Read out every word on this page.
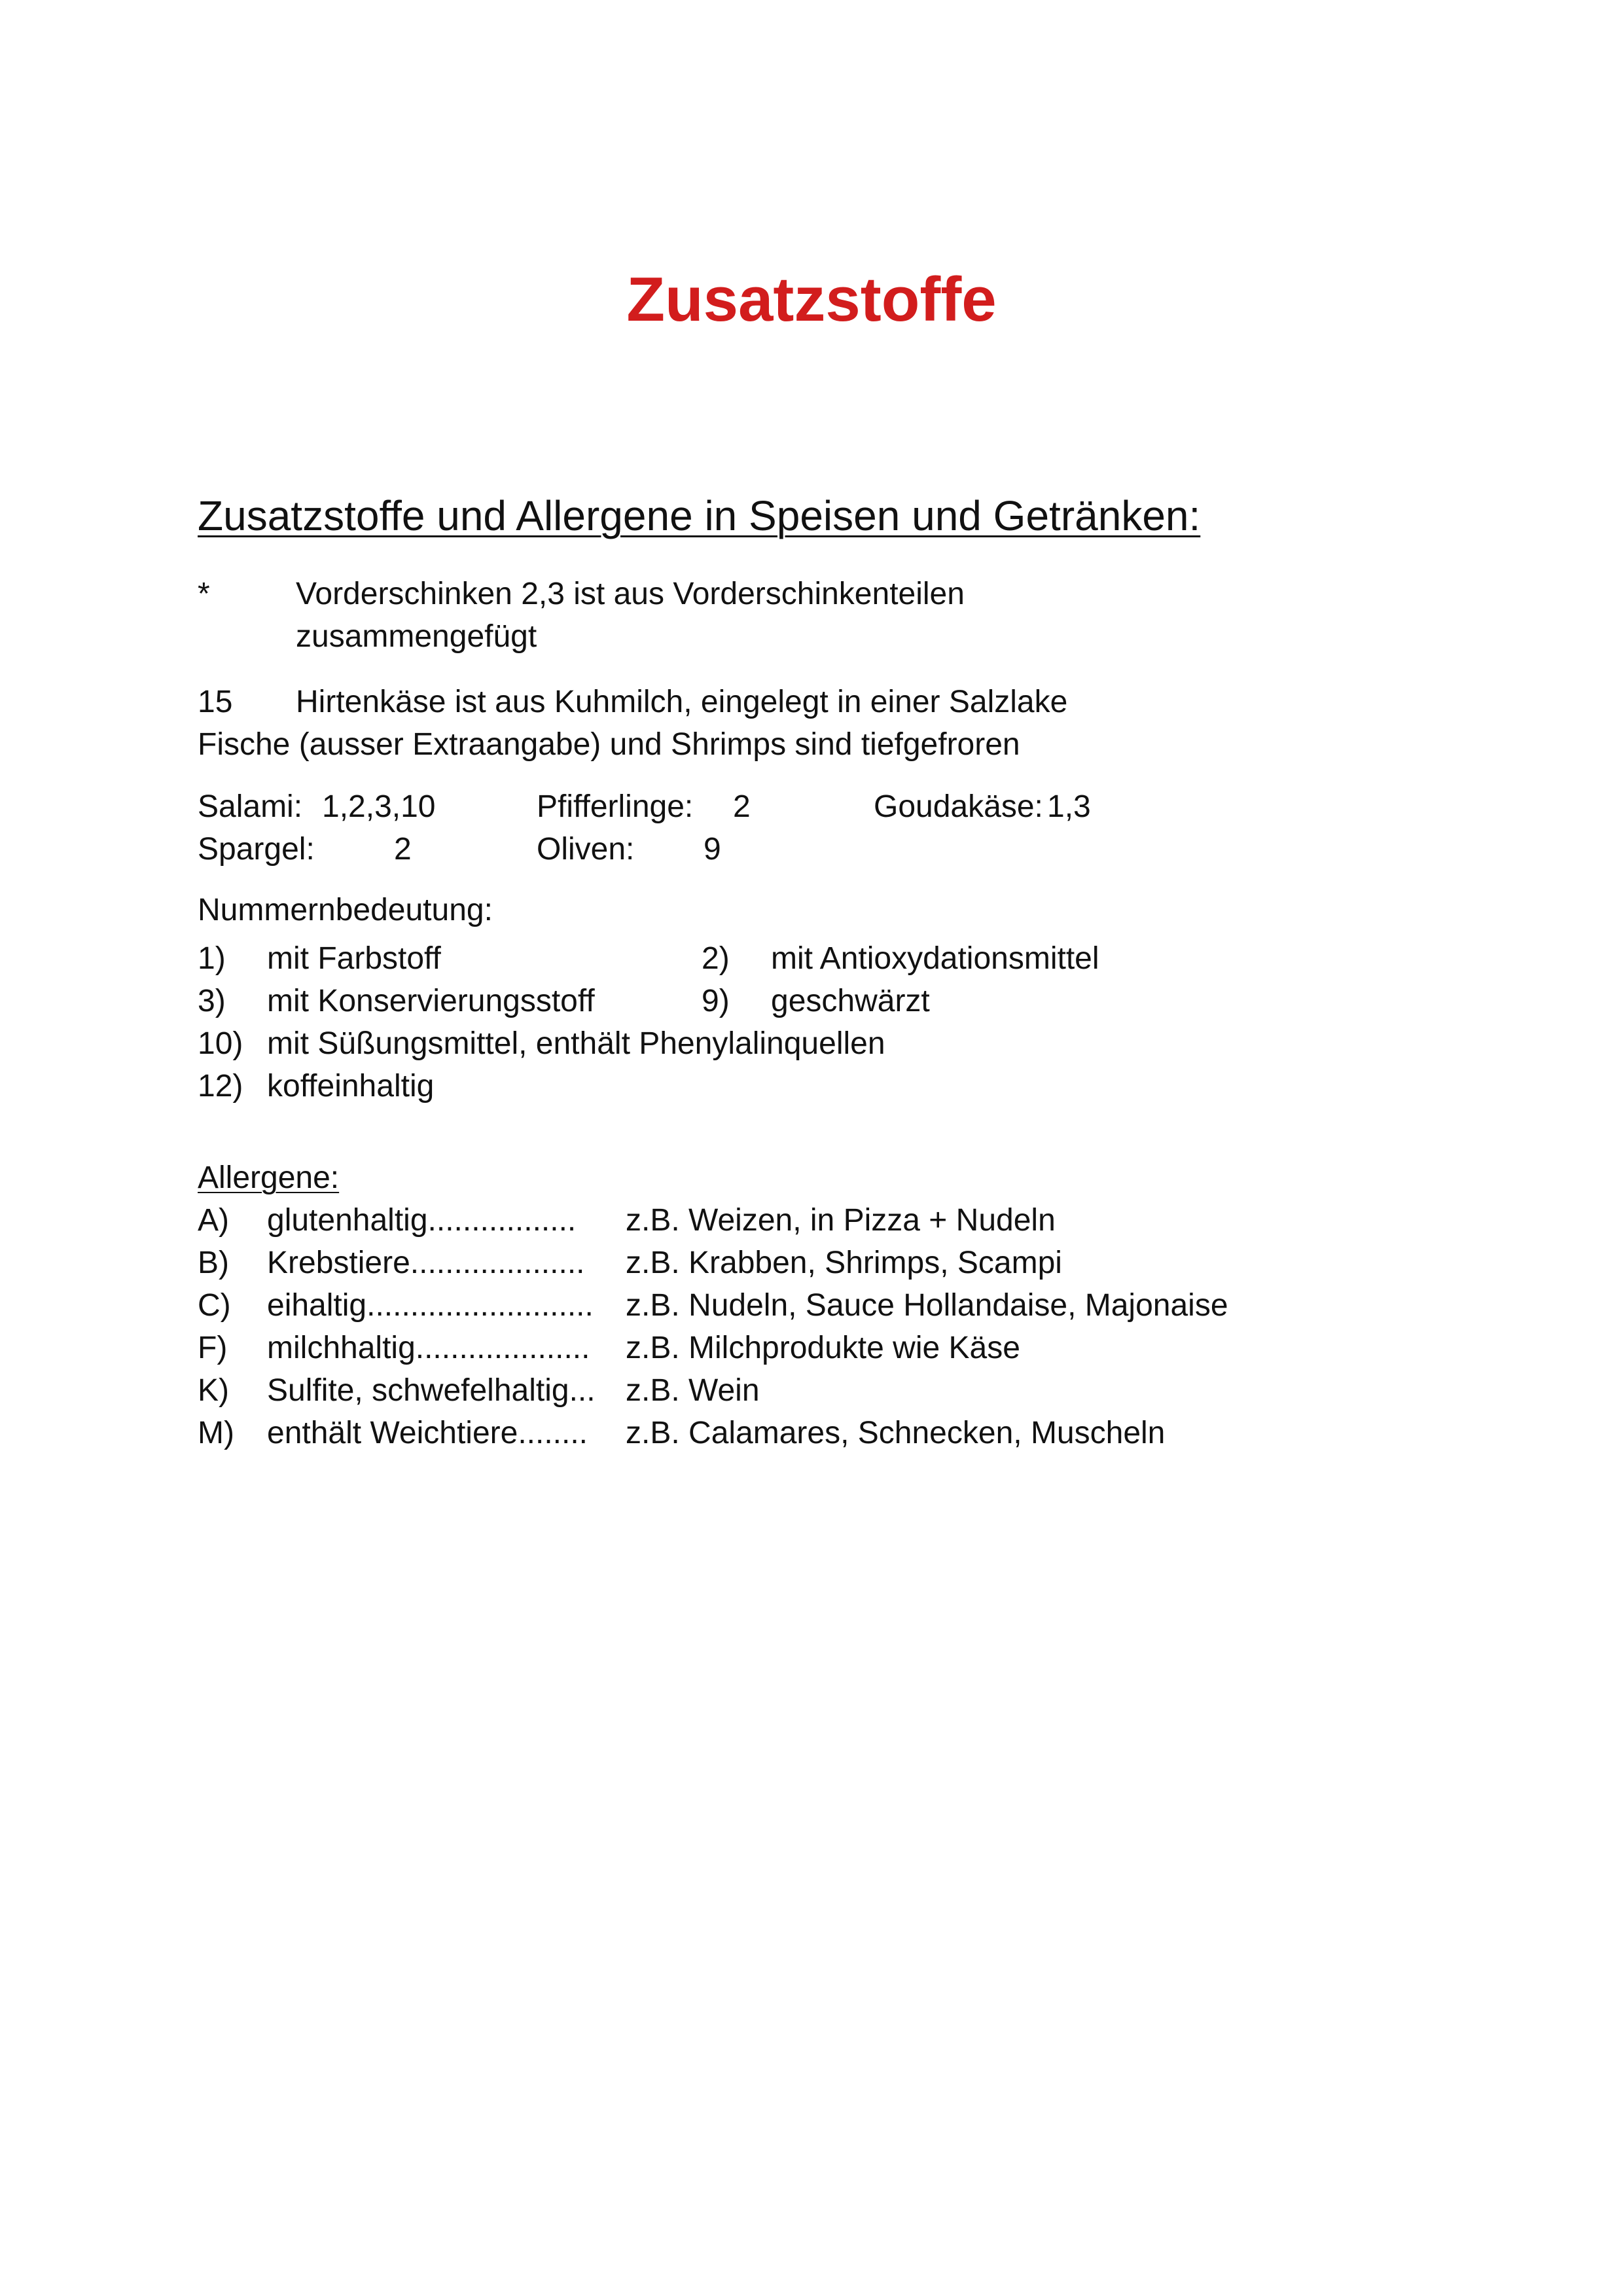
Zusatzstoffe
Zusatzstoffe und Allergene in Speisen und Getränken:
*	Vorderschinken 2,3 ist aus Vorderschinkenteilen
zusammengefügt
15 Hirtenkäse ist aus Kuhmilch, eingelegt in einer Salzlake
Fische (ausser Extraangabe) und Shrimps sind tiefgefroren
Salami: 1,2,3,10	Pfifferlinge: 2	Goudakäse: 1,3
Spargel:	2	Oliven: 9
Nummernbedeutung:
1) mit Farbstoff	2) mit Antioxydationsmittel
3) mit Konservierungsstoff	9) geschwärzt
10) mit Süßungsmittel, enthält Phenylalinquellen
12) koffeinhaltig
Allergene:
A) glutenhaltig................. z.B. Weizen, in Pizza + Nudeln
B) Krebstiere.................... z.B. Krabben, Shrimps, Scampi
C) eihaltig.......................... z.B. Nudeln, Sauce Hollandaise, Majonaise
F) milchhaltig.................... z.B. Milchprodukte wie Käse
K) Sulfite, schwefelhaltig... z.B. Wein
M) enthält Weichtiere........ z.B. Calamares, Schnecken, Muscheln
